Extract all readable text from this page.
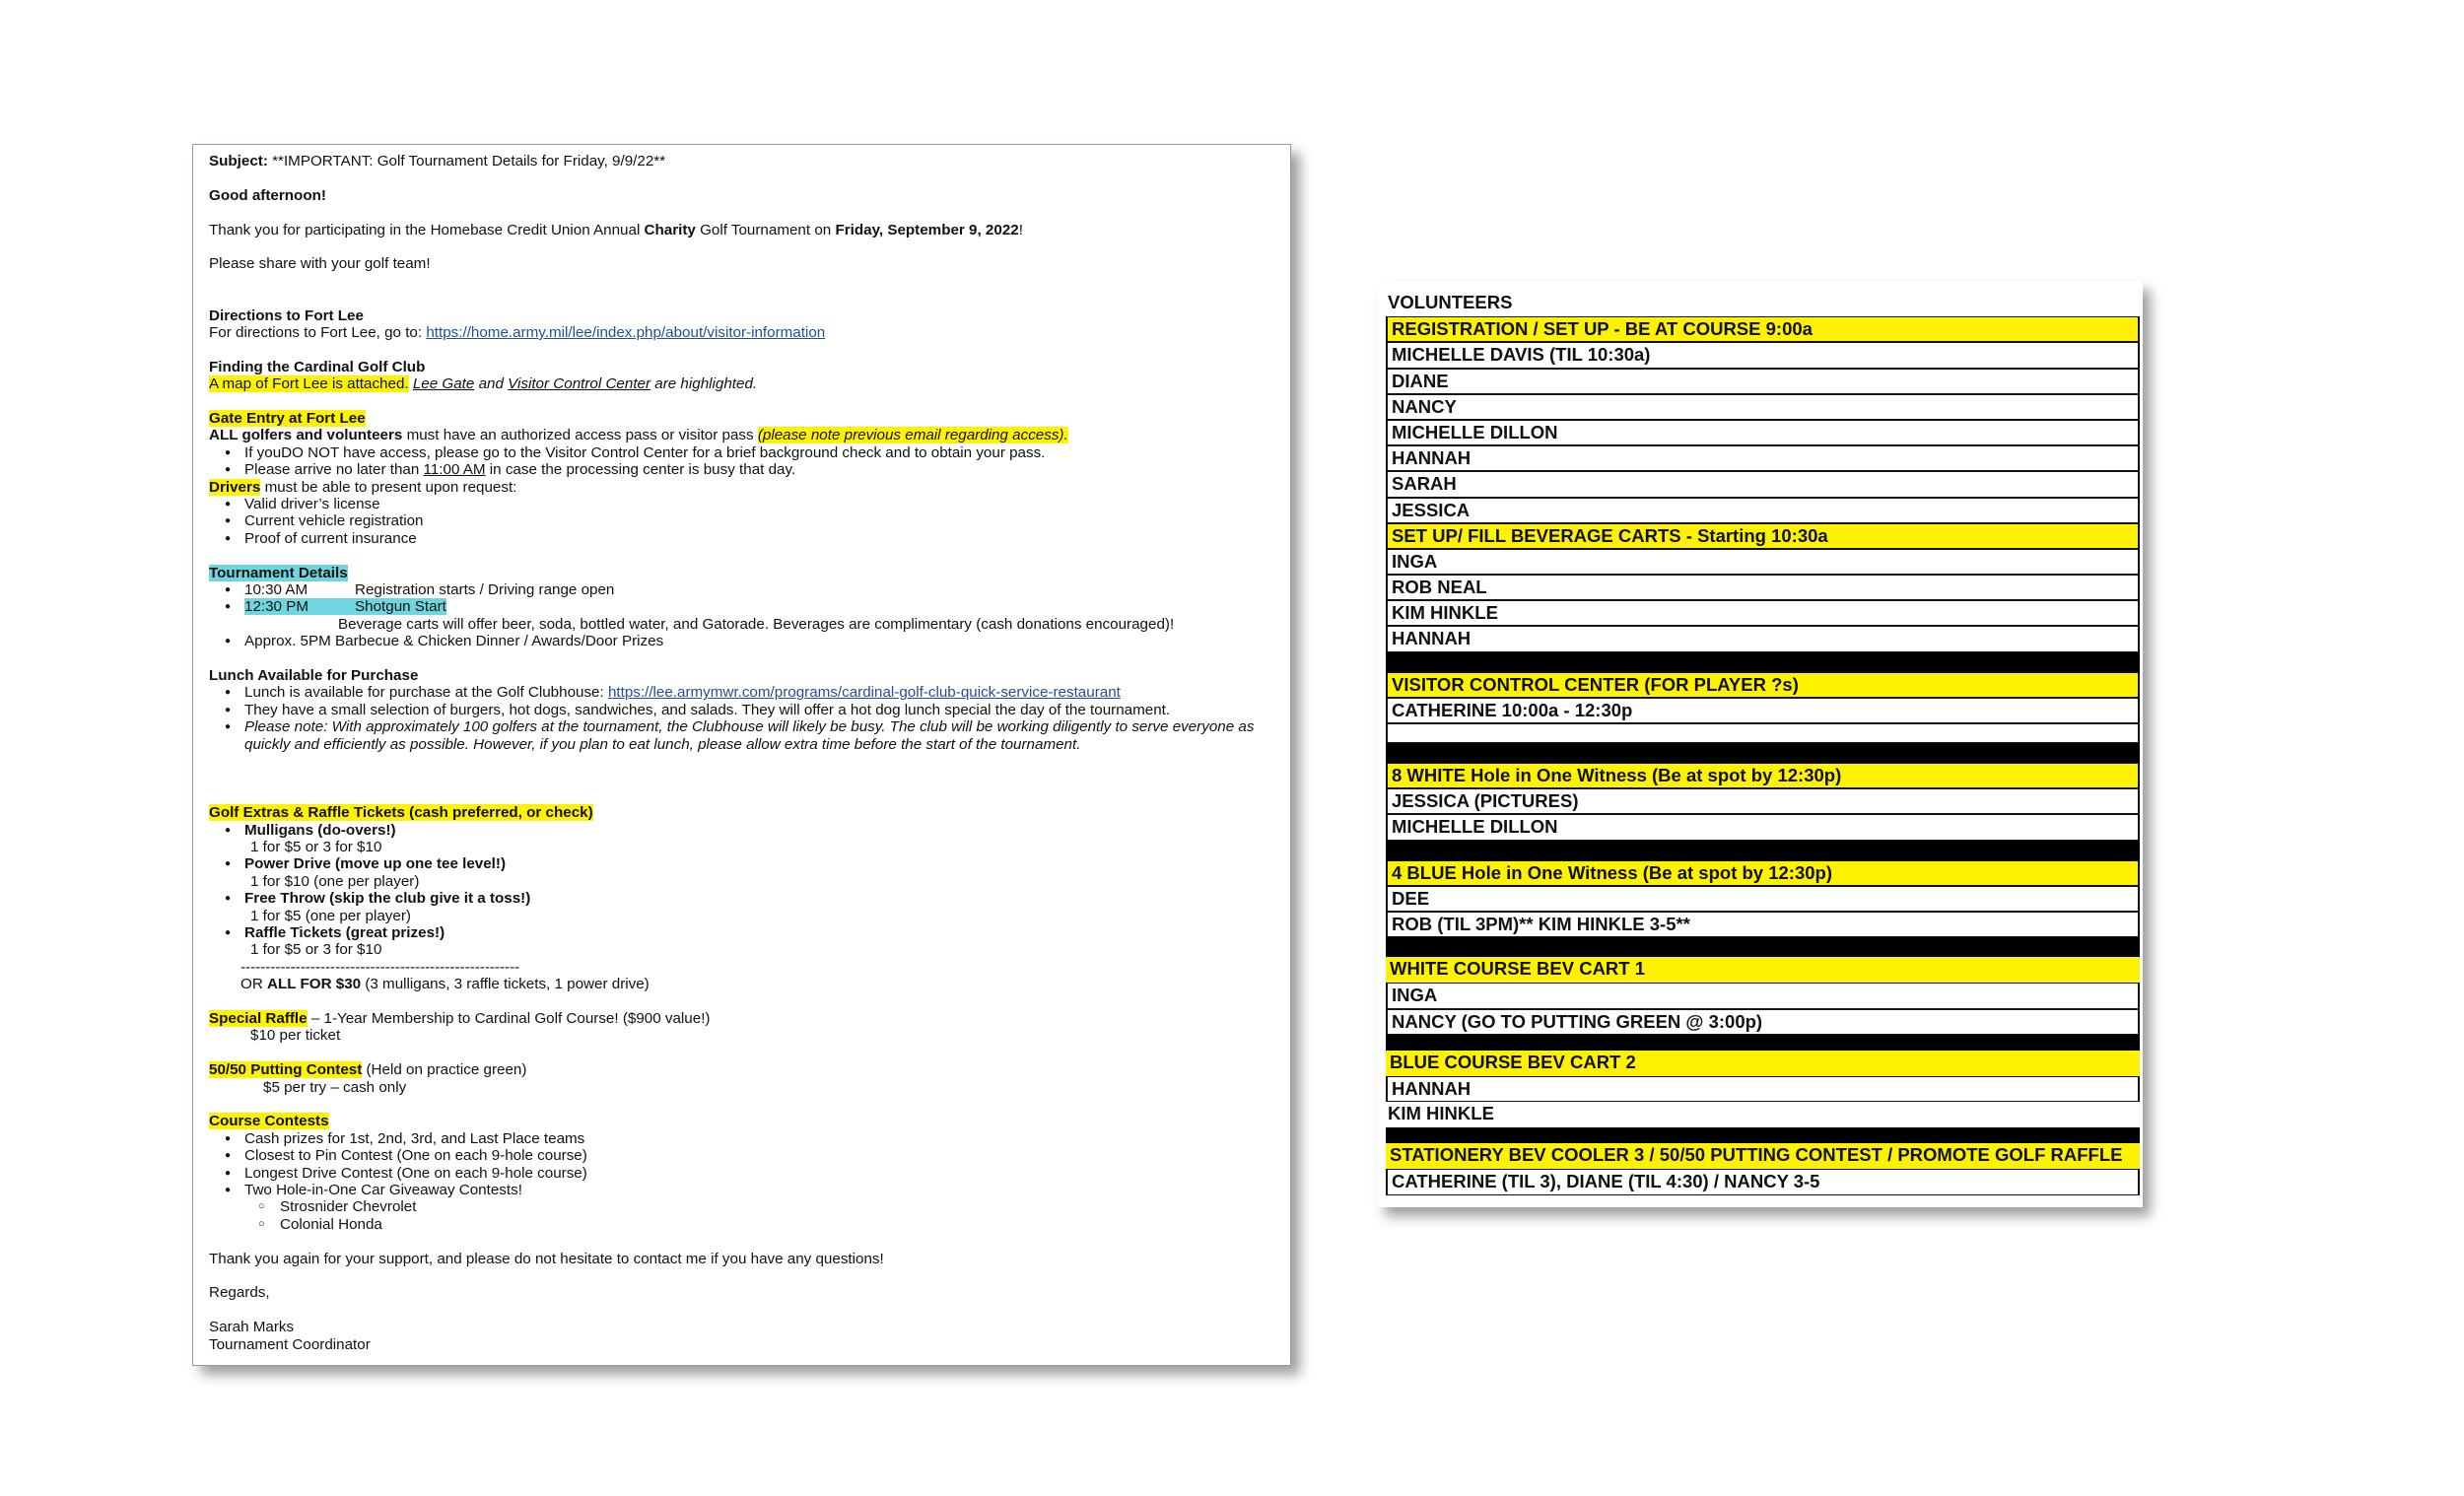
Subject: **IMPORTANT: Golf Tournament Details for Friday, 9/9/22**

Good afternoon!

Thank you for participating in the Homebase Credit Union Annual Charity Golf Tournament on Friday, September 9, 2022!

Please share with your golf team!

Directions to Fort Lee

For directions to Fort Lee, go to: https://home.army.mil/lee/index.php/about/visitor-information

Finding the Cardinal Golf Club

A map of Fort Lee is attached. Lee Gate and Visitor Control Center are highlighted.

Gate Entry at Fort Lee

ALL golfers and volunteers must have an authorized access pass or visitor pass (please note previous email regarding access).

● If youDO NOT have access, please go to the Visitor Control Center for a brief background check and to obtain your pass.
● Please arrive no later than 11:00 AM in case the processing center is busy that day.

Drivers must be able to present upon request:

● Valid driver’s license
● Current vehicle registration
● Proof of current insurance

Tournament Details

● 10:30 AM	Registration starts / Driving range open
● 12:30 PM	Shotgun Start

Beverage carts will offer beer, soda, bottled water, and Gatorade. Beverages are complimentary (cash donations encouraged)!

● Approx. 5PM Barbecue & Chicken Dinner / Awards/Door Prizes

Lunch Available for Purchase

● Lunch is available for purchase at the Golf Clubhouse: https://lee.armymwr.com/programs/cardinal-golf-club-quick-service-restaurant
● They have a small selection of burgers, hot dogs, sandwiches, and salads. They will offer a hot dog lunch special the day of the tournament.
● Please note: With approximately 100 golfers at the tournament, the Clubhouse will likely be busy. The club will be working diligently to serve everyone as quickly and efficiently as possible. However, if you plan to eat lunch, please allow extra time before the start of the tournament.

Golf Extras & Raffle Tickets (cash preferred, or check)

● Mulligans (do-overs!)

1 for $5 or 3 for $10

● Power Drive (move up one tee level!)

1 for $10 (one per player)

● Free Throw (skip the club give it a toss!)

1 for $5 (one per player)

● Raffle Tickets (great prizes!)

1 for $5 or 3 for $10

--------------------------------------------------------

OR ALL FOR $30 (3 mulligans, 3 raffle tickets, 1 power drive)

Special Raffle – 1-Year Membership to Cardinal Golf Course! ($900 value!)

$10 per ticket

50/50 Putting Contest (Held on practice green)

$5 per try – cash only

Course Contests

● Cash prizes for 1st, 2nd, 3rd, and Last Place teams
● Closest to Pin Contest (One on each 9-hole course)
● Longest Drive Contest (One on each 9-hole course)
● Two Hole-in-One Car Giveaway Contests!
○ Strosnider Chevrolet
○ Colonial Honda

Thank you again for your support, and please do not hesitate to contact me if you have any questions!

Regards,

Sarah Marks

Tournament Coordinator

VOLUNTEERS
REGISTRATION / SET UP - BE AT COURSE 9:00a
MICHELLE DAVIS (TIL 10:30a)
DIANE
NANCY
MICHELLE DILLON
HANNAH
SARAH
JESSICA
SET UP/ FILL BEVERAGE CARTS - Starting 10:30a
INGA
ROB NEAL
KIM HINKLE
HANNAH
VISITOR CONTROL CENTER (FOR PLAYER ?s)
CATHERINE 10:00a - 12:30p
8 WHITE Hole in One Witness (Be at spot by 12:30p)
JESSICA (PICTURES)
MICHELLE DILLON
4 BLUE Hole in One Witness (Be at spot by 12:30p)
DEE
ROB (TIL 3PM)** KIM HINKLE 3-5**
WHITE COURSE BEV CART 1
INGA
NANCY (GO TO PUTTING GREEN @ 3:00p)
BLUE COURSE BEV CART 2
HANNAH
KIM HINKLE
STATIONERY BEV COOLER 3 / 50/50 PUTTING CONTEST / PROMOTE GOLF RAFFLE
CATHERINE (TIL 3), DIANE (TIL 4:30) / NANCY 3-5
